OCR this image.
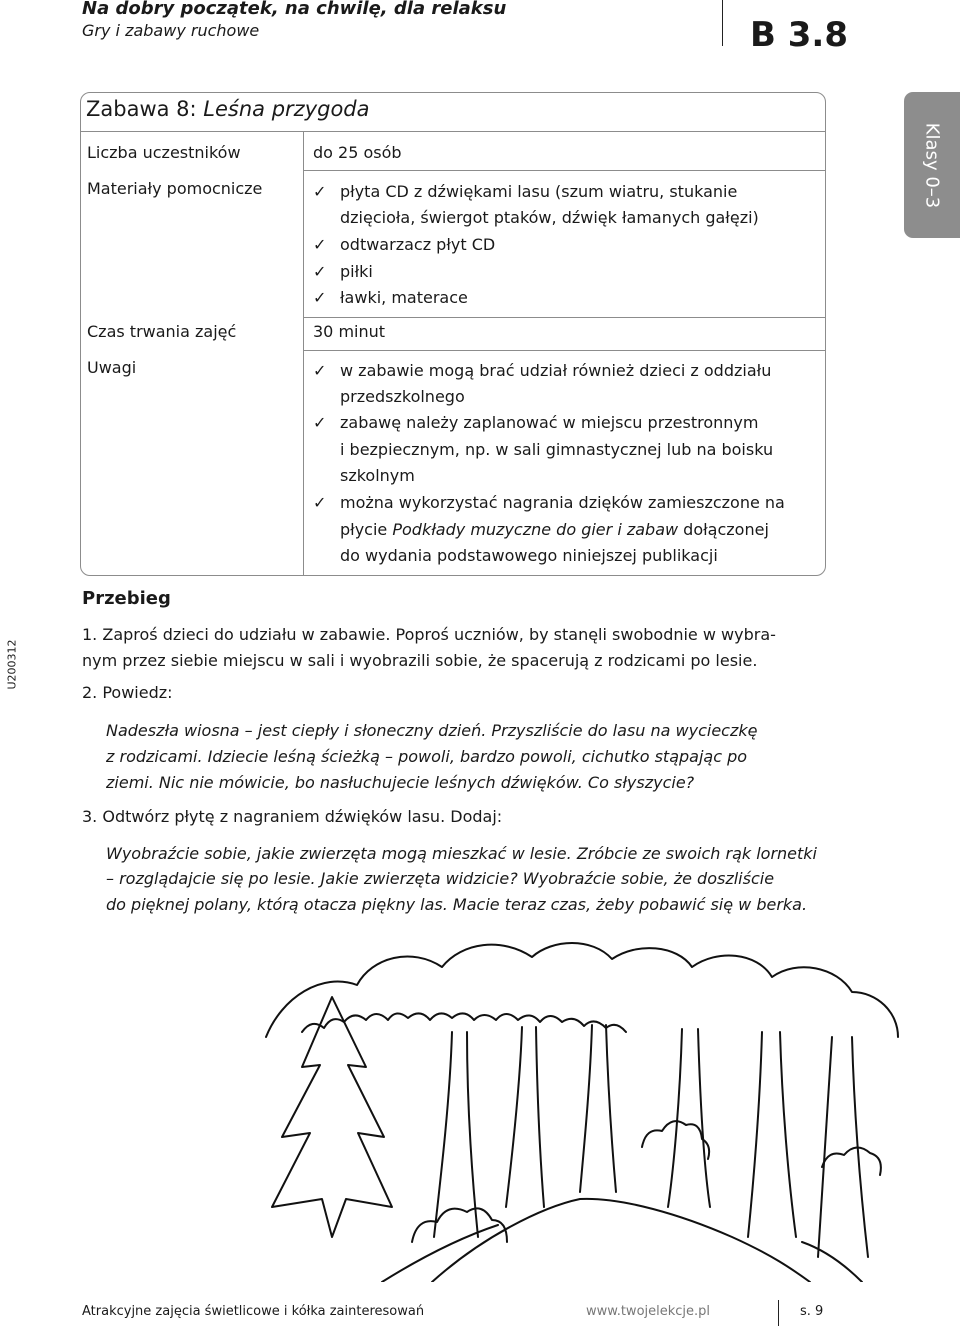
Na dobry początek, na chwilę, dla relaksu
Gry i zabawy ruchowe	B 3.8
Klasy 0–3
U200312
Zabawa 8: Leśna przygoda
Liczba uczestników	do 25 osób
Materiały pomocnicze	✓ płyta CD z dźwiękami lasu (szum wiatru, stukanie
dzięcioła, świergot ptaków, dźwięk łamanych gałęzi)
✓ odtwarzacz płyt CD
✓ piłki
✓ ławki, materace
Czas trwania zajęć	30 minut
Uwagi	✓ w zabawie mogą brać udział również dzieci z oddziału
przedszkolnego
✓ zabawę należy zaplanować w miejscu przestronnym
i bezpiecznym, np. w sali gimnastycznej lub na boisku
szkolnym
✓ można wykorzystać nagrania dzięków zamieszczone na
płycie Podkłady muzyczne do gier i zabaw dołączonej
do wydania podstawowego niniejszej publikacji
Przebieg
1. Zaproś dzieci do udziału w zabawie. Poproś uczniów, by stanęli swobodnie w wybra-
nym przez siebie miejscu w sali i wyobrazili sobie, że spacerują z rodzicami po lesie.
2. Powiedz:
Nadeszła wiosna – jest ciepły i słoneczny dzień. Przyszliście do lasu na wycieczkę
z rodzicami. Idziecie leśną ścieżką – powoli, bardzo powoli, cichutko stąpając po
ziemi. Nic nie mówicie, bo nasłuchujecie leśnych dźwięków. Co słyszycie?
3. Odtwórz płytę z nagraniem dźwięków lasu. Dodaj:
Wyobraźcie sobie, jakie zwierzęta mogą mieszkać w lesie. Zróbcie ze swoich rąk lornetki
– rozglądajcie się po lesie. Jakie zwierzęta widzicie? Wyobraźcie sobie, że doszliście
do pięknej polany, którą otacza piękny las. Macie teraz czas, żeby pobawić się w berka.
Atrakcyjne zajęcia świetlicowe i kółka zainteresowań	www.twojelekcje.pl	s. 9
